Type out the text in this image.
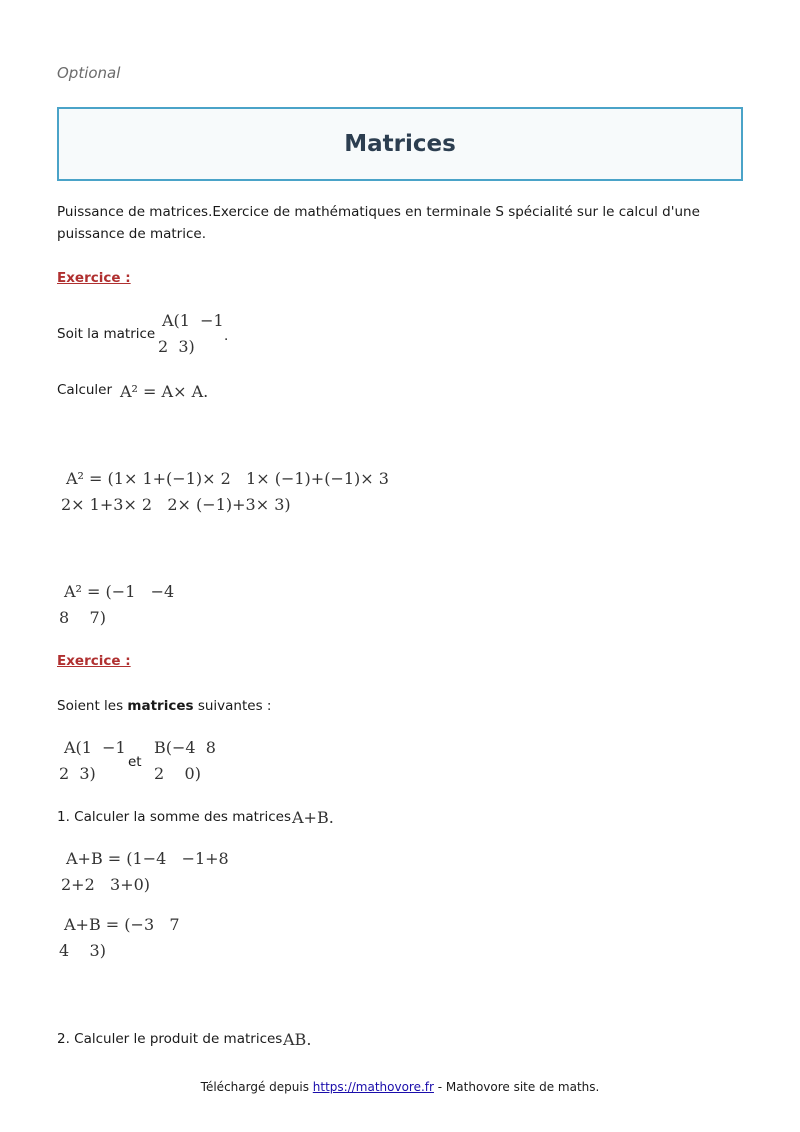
Optional
Matrices
Puissance de matrices.Exercice de mathématiques en terminale S spécialité sur le calcul d'une puissance de matrice.
Exercice :
Soit la matrice
A(1  −1
2  3)
.
Calculer A² = A× A.
A² = (1× 1+(−1)× 2   1× (−1)+(−1)× 3
2× 1+3× 2   2× (−1)+3× 3)
A² = (−1   −4
8    7)
Exercice :
Soient les matrices suivantes :
A(1  −1
2  3)
et
B(−4  8
2    0)
1. Calculer la somme des matrices A+B.
A+B = (1−4   −1+8
2+2   3+0)
A+B = (−3   7
4    3)
2. Calculer le produit de matrices AB.
Téléchargé depuis https://mathovore.fr - Mathovore site de maths.
